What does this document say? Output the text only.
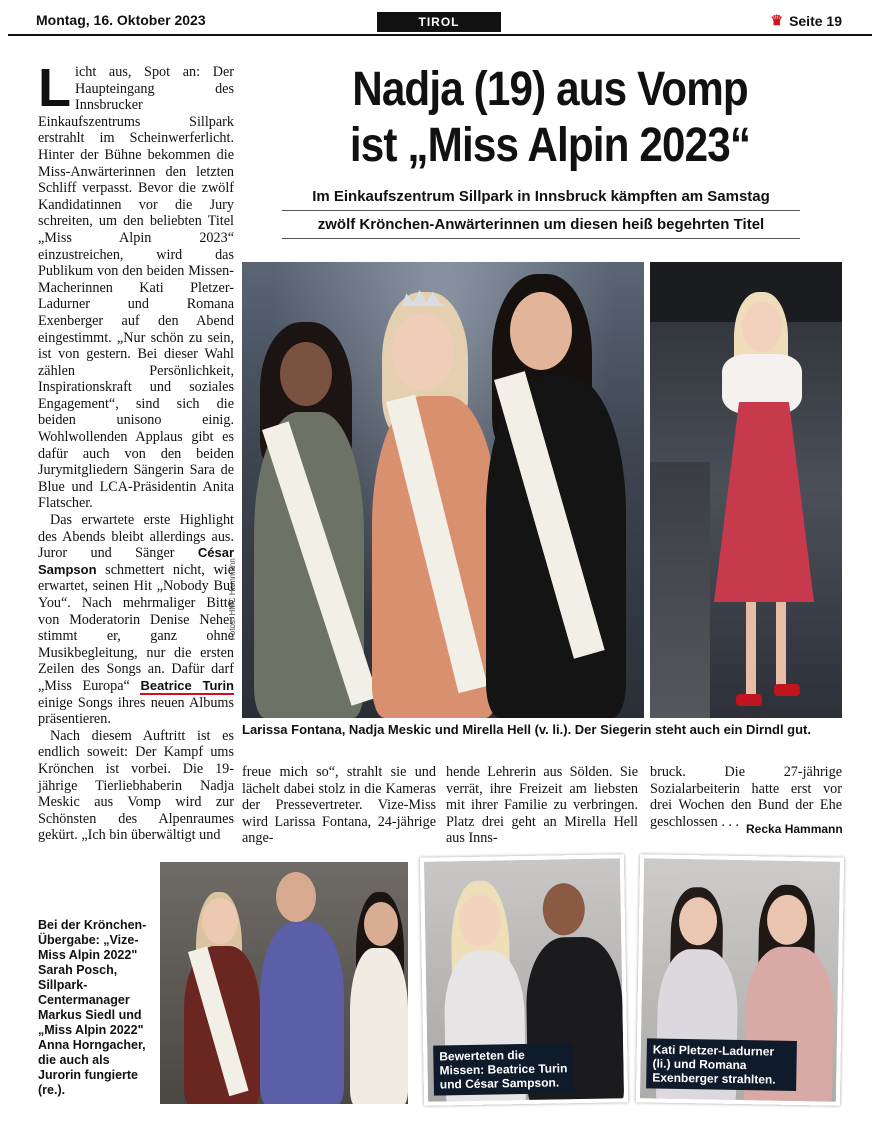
Montag, 16. Oktober 2023	TIROL	♛ Seite 19
Nadja (19) aus Vomp
ist „Miss Alpin 2023“
Im Einkaufszentrum Sillpark in Innsbruck kämpften am Samstag
zwölf Krönchen-Anwärterinnen um diesen heiß begehrten Titel

Licht aus, Spot an: Der Haupteingang des Innsbrucker Einkaufszentrums Sillpark erstrahlt im Scheinwerferlicht. Hinter der Bühne bekommen die Miss-Anwärterinnen den letzten Schliff verpasst. Bevor die zwölf Kandidatinnen vor die Jury schreiten, um den beliebten Titel „Miss Alpin 2023“ einzustreichen, wird das Publikum von den beiden Missen-Macherinnen Kati Pletzer-Ladurner und Romana Exenberger auf den Abend eingestimmt. „Nur schön zu sein, ist von gestern. Bei dieser Wahl zählen Persönlichkeit, Inspirationskraft und soziales Engagement“, sind sich die beiden unisono einig. Wohlwollenden Applaus gibt es dafür auch von den beiden Jurymitgliedern Sängerin Sara de Blue und LCA-Präsidentin Anita Flatscher.

Das erwartete erste Highlight des Abends bleibt allerdings aus. Juror und Sänger César Sampson schmettert nicht, wie erwartet, seinen Hit „Nobody But You“. Nach mehrmaliger Bitte von Moderatorin Denise Neher stimmt er, ganz ohne Musikbegleitung, nur die ersten Zeilen des Songs an. Dafür darf „Miss Europa“ Beatrice Turin einige Songs ihres neuen Albums präsentieren.

Nach diesem Auftritt ist es endlich soweit: Der Kampf ums Krönchen ist vorbei. Die 19-jährige Tierliebhaberin Nadja Meskic aus Vomp wird zur Schönsten des Alpenraumes gekürt. „Ich bin überwältigt und

Fotos: HMC Hammann
Larissa Fontana, Nadja Meskic und Mirella Hell (v. li.). Der Siegerin steht auch ein Dirndl gut.
freue mich so“, strahlt sie und lächelt dabei stolz in die Kameras der Pressevertreter. Vize-Miss wird Larissa Fontana, 24-jährige ange-
hende Lehrerin aus Sölden. Sie verrät, ihre Freizeit am liebsten mit ihrer Familie zu verbringen. Platz drei geht an Mirella Hell aus Inns-
bruck. Die 27-jährige Sozialarbeiterin hatte erst vor drei Wochen den Bund der Ehe geschlossen . . . Recka Hammann
Bei der Krönchen-Übergabe: „Vize-Miss Alpin 2022" Sarah Posch, Sillpark-Centermanager Markus Siedl und „Miss Alpin 2022" Anna Horngacher, die auch als Jurorin fungierte (re.).
Bewerteten die Missen: Beatrice Turin und César Sampson.
Kati Pletzer-Ladurner (li.) und Romana Exenberger strahlten.
